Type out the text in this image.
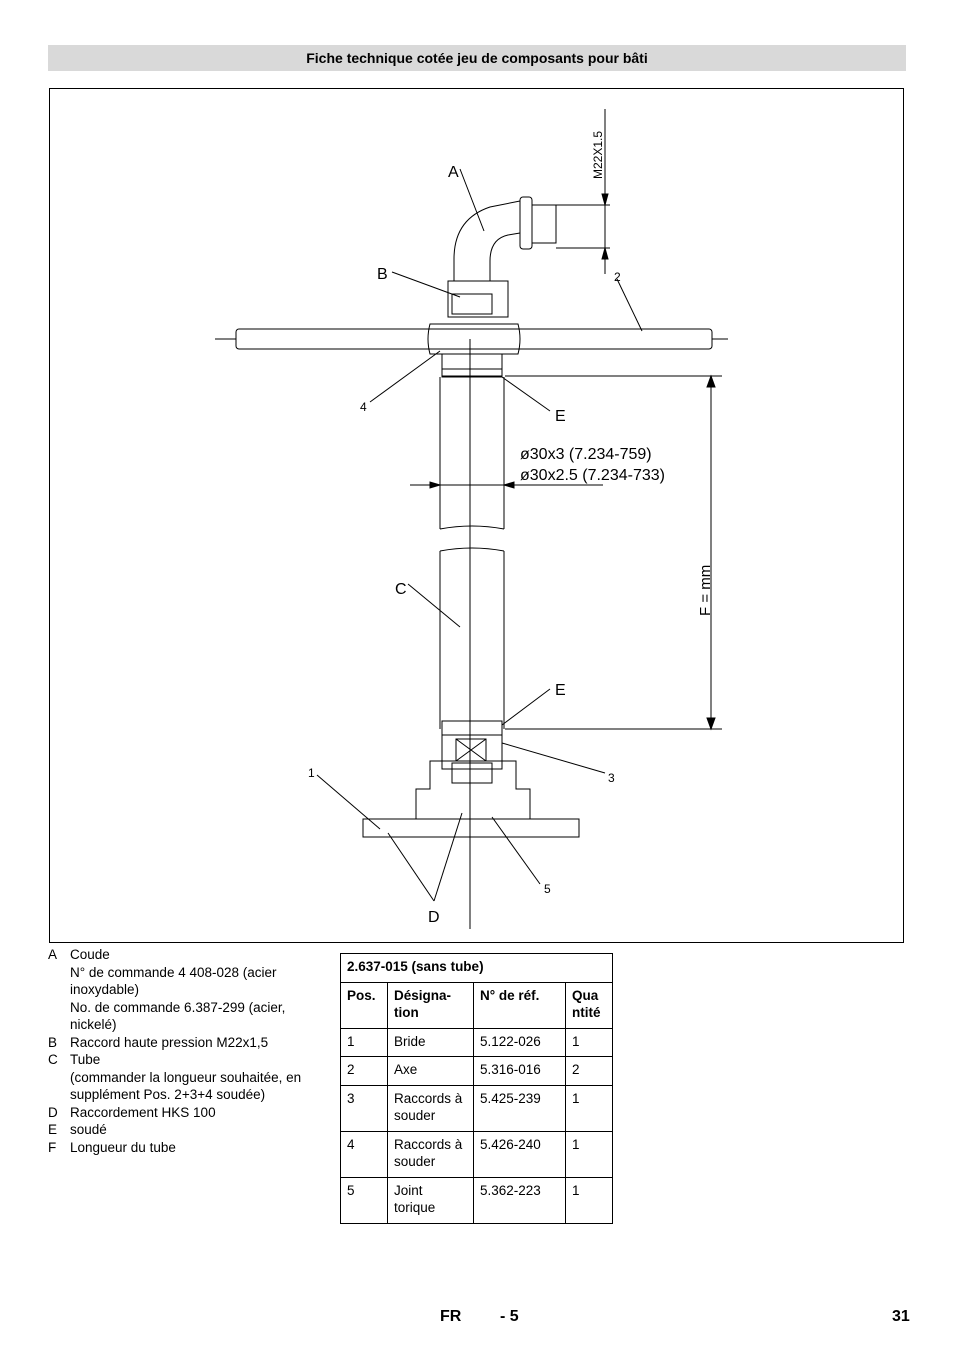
Fiche technique cotée jeu de composants pour bâti
A
B
C
D
E
E
ø30x3 (7.234-759)
ø30x2.5 (7.234-733)
1
2
3
4
5
M22X1.5
F = mm
A Coude
N° de commande 4 408-028 (acier inoxydable)
No. de commande 6.387-299 (acier, nickelé)
B Raccord haute pression M22x1,5
C Tube
(commander la longueur souhaitée, en supplément Pos. 2+3+4 soudée)
D Raccordement HKS 100
E soudé
F	Longueur du tube
2.637-015 (sans tube)			
Pos.	Désigna-tion	N° de réf.	Qua ntité
1	Bride	5.122-026	1
2	Axe	5.316-016	2
3	Raccords à souder	5.425-239	1
4	Raccords à souder	5.426-240	1
5	Joint torique	5.362-223	1
FR - 5	31
